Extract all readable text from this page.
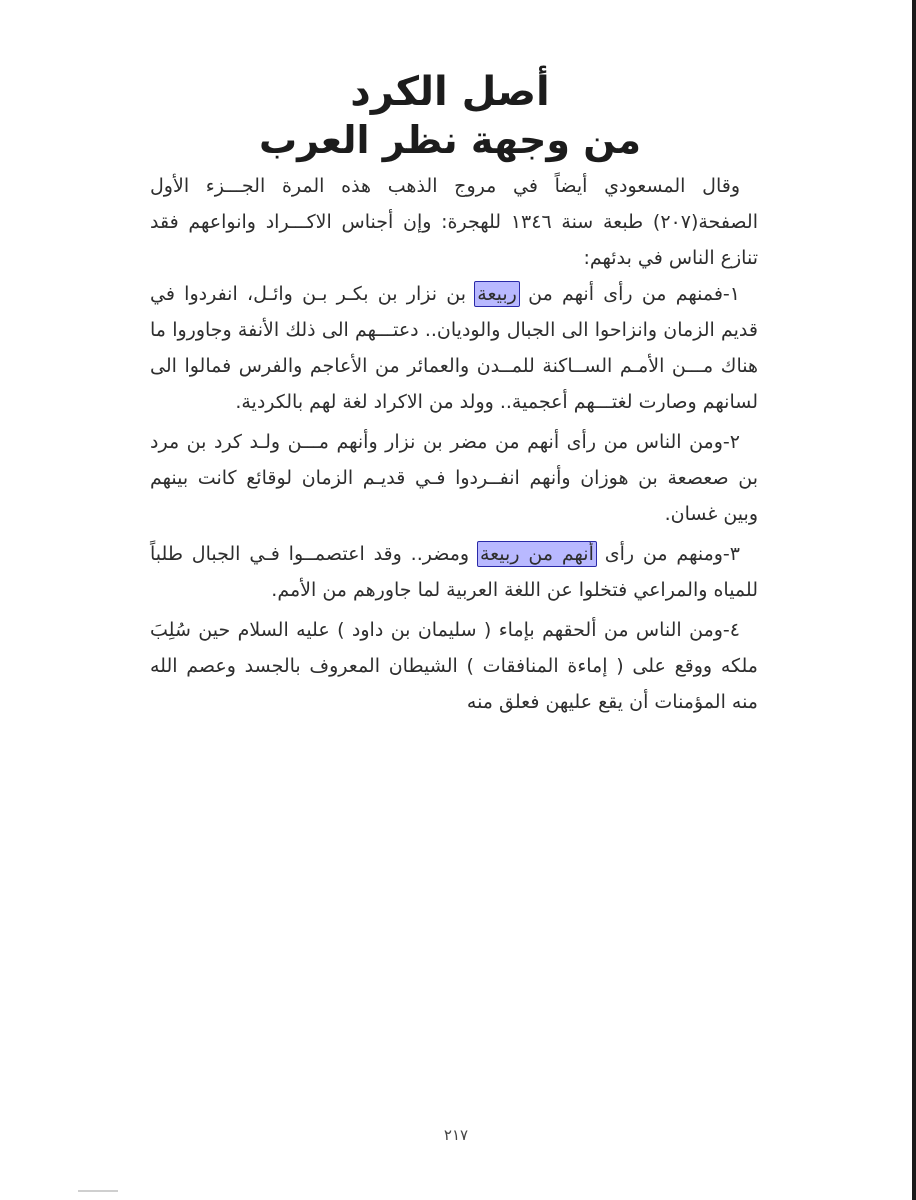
أصل الكرد
من وجهة نظر العرب

وقال المسعودي أيضاً في مروج الذهب هذه المرة الجـــزء الأول الصفحة(٢٠٧) طبعة سنة ١٣٤٦ للهجرة: وإن أجناس الاكـــراد وانواعهم فقد تنازع الناس في بدئهم:

١-فمنهم من رأى أنهم من ربيعة بن نزار بن بكـر بـن وائـل، انفردوا في قديم الزمان وانزاحوا الى الجبال والوديان.. دعتـــهم الى ذلك الأنفة وجاوروا ما هناك مـــن الأمـم الســاكنة للمــدن والعمائر من الأعاجم والفرس فمالوا الى لسانهم وصارت لغتـــهم أعجمية.. وولد من الاكراد لغة لهم بالكردية.

٢-ومن الناس من رأى أنهم من مضر بن نزار وأنهم مـــن ولـد كرد بن مرد بن صعصعة بن هوزان وأنهم انفــردوا فـي قديـم الزمان لوقائع كانت بينهم وبين غسان.

٣-ومنهم من رأى أنهم من ربيعة ومضر.. وقد اعتصمــوا فـي الجبال طلباً للمياه والمراعي فتخلوا عن اللغة العربية لما جاورهم من الأمم.

٤-ومن الناس من ألحقهم بإماء ( سليمان بن داود ) عليه السلام حين سُلِبَ ملكه ووقع على ( إماءة المنافقات ) الشيطان المعروف بالجسد وعصم الله منه المؤمنات أن يقع عليهن فعلق منه

٢١٧
